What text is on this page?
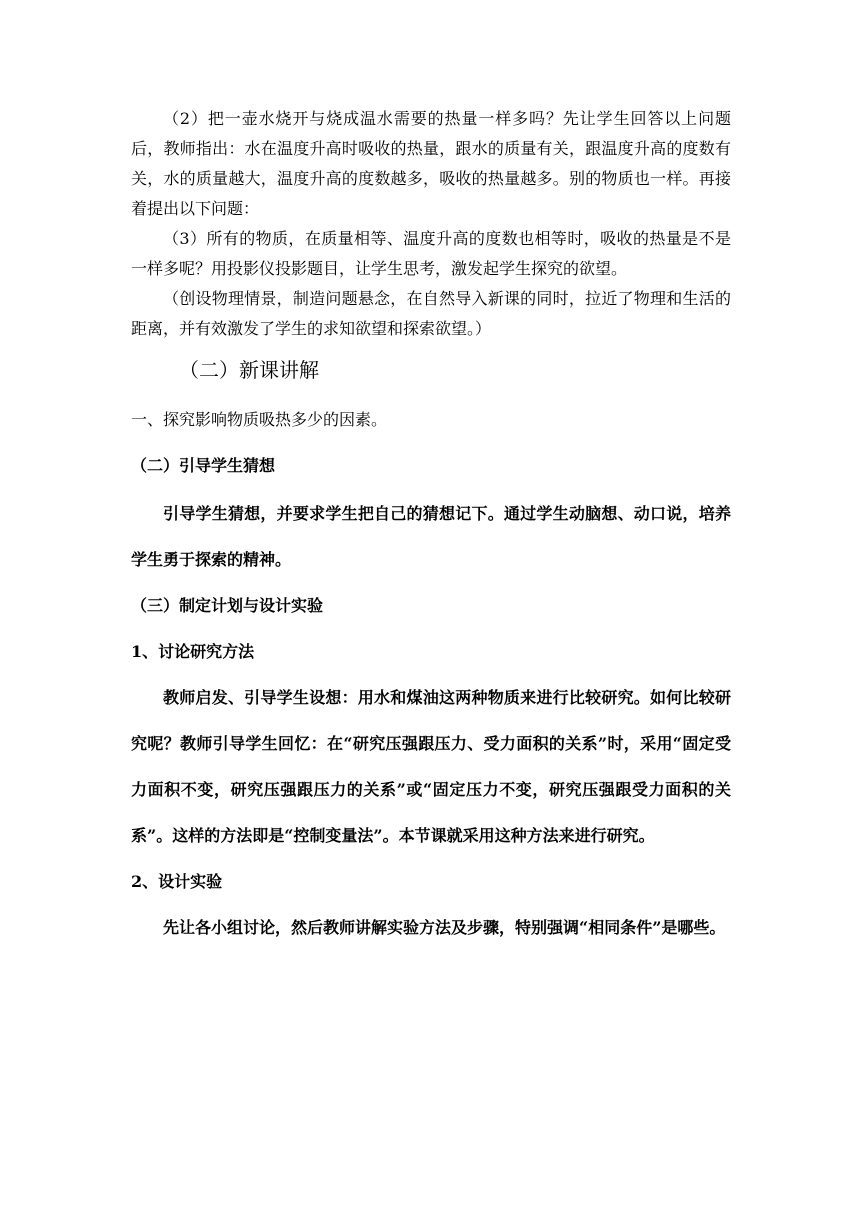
（2）把一壶水烧开与烧成温水需要的热量一样多吗？先让学生回答以上问题后，教师指出：水在温度升高时吸收的热量，跟水的质量有关，跟温度升高的度数有关，水的质量越大，温度升高的度数越多，吸收的热量越多。别的物质也一样。再接着提出以下问题：

（3）所有的物质，在质量相等、温度升高的度数也相等时，吸收的热量是不是一样多呢？用投影仪投影题目，让学生思考，激发起学生探究的欲望。

（创设物理情景，制造问题悬念，在自然导入新课的同时，拉近了物理和生活的距离，并有效激发了学生的求知欲望和探索欲望。）

（二）新课讲解

一、探究影响物质吸热多少的因素。

（二）引导学生猜想

引导学生猜想，并要求学生把自己的猜想记下。通过学生动脑想、动口说，培养学生勇于探索的精神。

（三）制定计划与设计实验

1、讨论研究方法

教师启发、引导学生设想：用水和煤油这两种物质来进行比较研究。如何比较研究呢？教师引导学生回忆：在“研究压强跟压力、受力面积的关系”时，采用“固定受力面积不变，研究压强跟压力的关系”或“固定压力不变，研究压强跟受力面积的关系”。这样的方法即是“控制变量法”。本节课就采用这种方法来进行研究。

2、设计实验

先让各小组讨论，然后教师讲解实验方法及步骤，特别强调“相同条件”是哪些。
